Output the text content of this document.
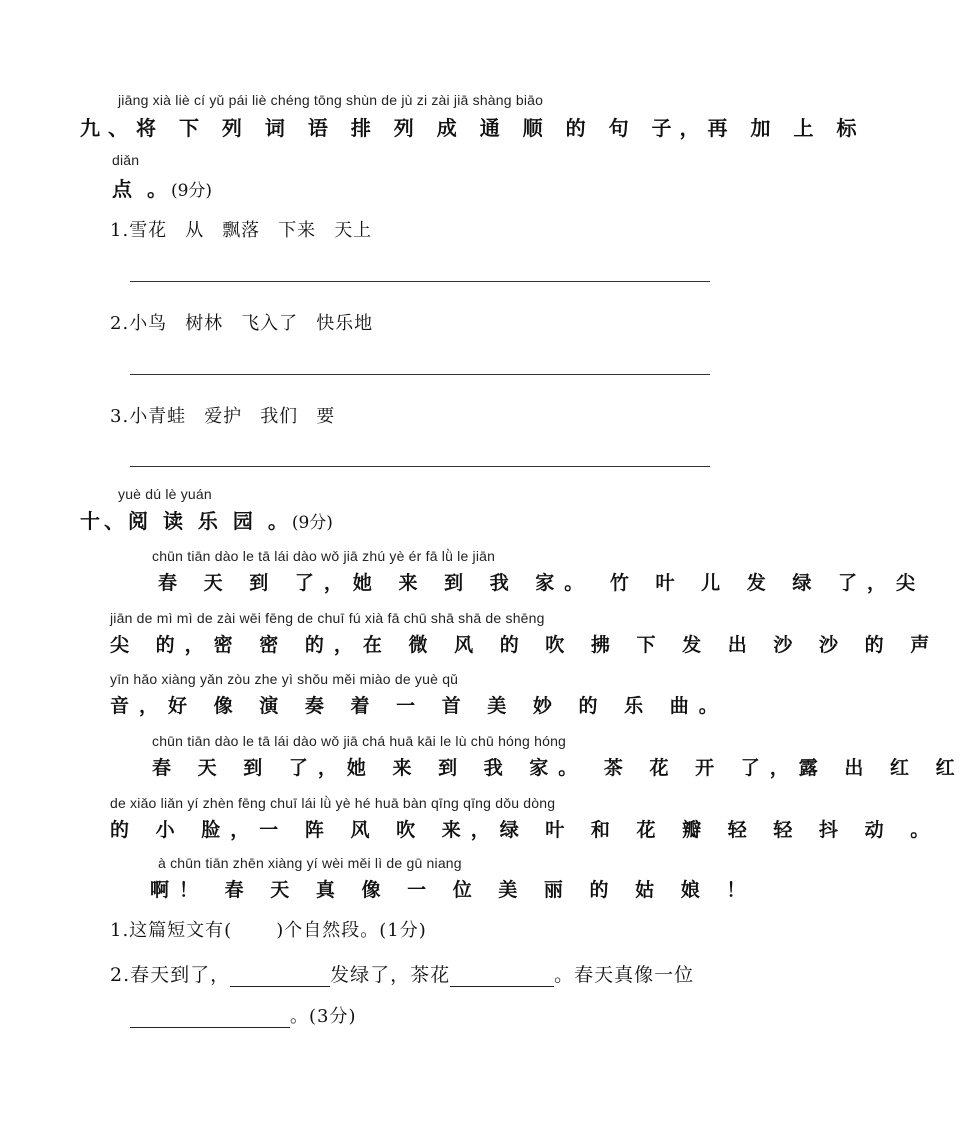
jiāng xià liè cí yǔ pái liè chéng tōng shùn de jù zi zài jiā shàng biāo
九、将 下 列 词 语 排 列 成 通 顺 的 句 子，再 加 上 标
diǎn
点 。(9分)
1.雪花 从 飘落 下来 天上
2.小鸟 树林 飞入了 快乐地
3.小青蛙 爱护 我们 要
yuè dú lè yuán
十、阅 读 乐 园 。(9分)
chūn tiān dào le tā lái dào wǒ jiā zhú yè ér fā lǜ le jiān
春 天 到 了，她 来 到 我 家。 竹 叶 儿 发 绿 了，尖
jiān de mì mì de zài wēi fēng de chuī fú xià fā chū shā shā de shēng
尖 的，密 密 的，在 微 风 的 吹 拂 下 发 出 沙 沙 的 声
yīn hǎo xiàng yǎn zòu zhe yì shǒu měi miào de yuè qǔ
音，好 像 演 奏 着 一 首 美 妙 的 乐 曲。
chūn tiān dào le tā lái dào wǒ jiā chá huā kāi le lù chū hóng hóng
春 天 到 了，她 来 到 我 家。 茶 花 开 了，露 出 红 红
de xiǎo liǎn yí zhèn fēng chuī lái lǜ yè hé huā bàn qīng qīng dǒu dòng
的 小 脸，一 阵 风 吹 来，绿 叶 和 花 瓣 轻 轻 抖 动 。
à chūn tiān zhēn xiàng yí wèi měi lì de gū niang
啊！ 春 天 真 像 一 位 美 丽 的 姑 娘 ！
1.这篇短文有( )个自然段。(1分)
2.春天到了，	发绿了，茶花	。春天真像一位
。(3分)
